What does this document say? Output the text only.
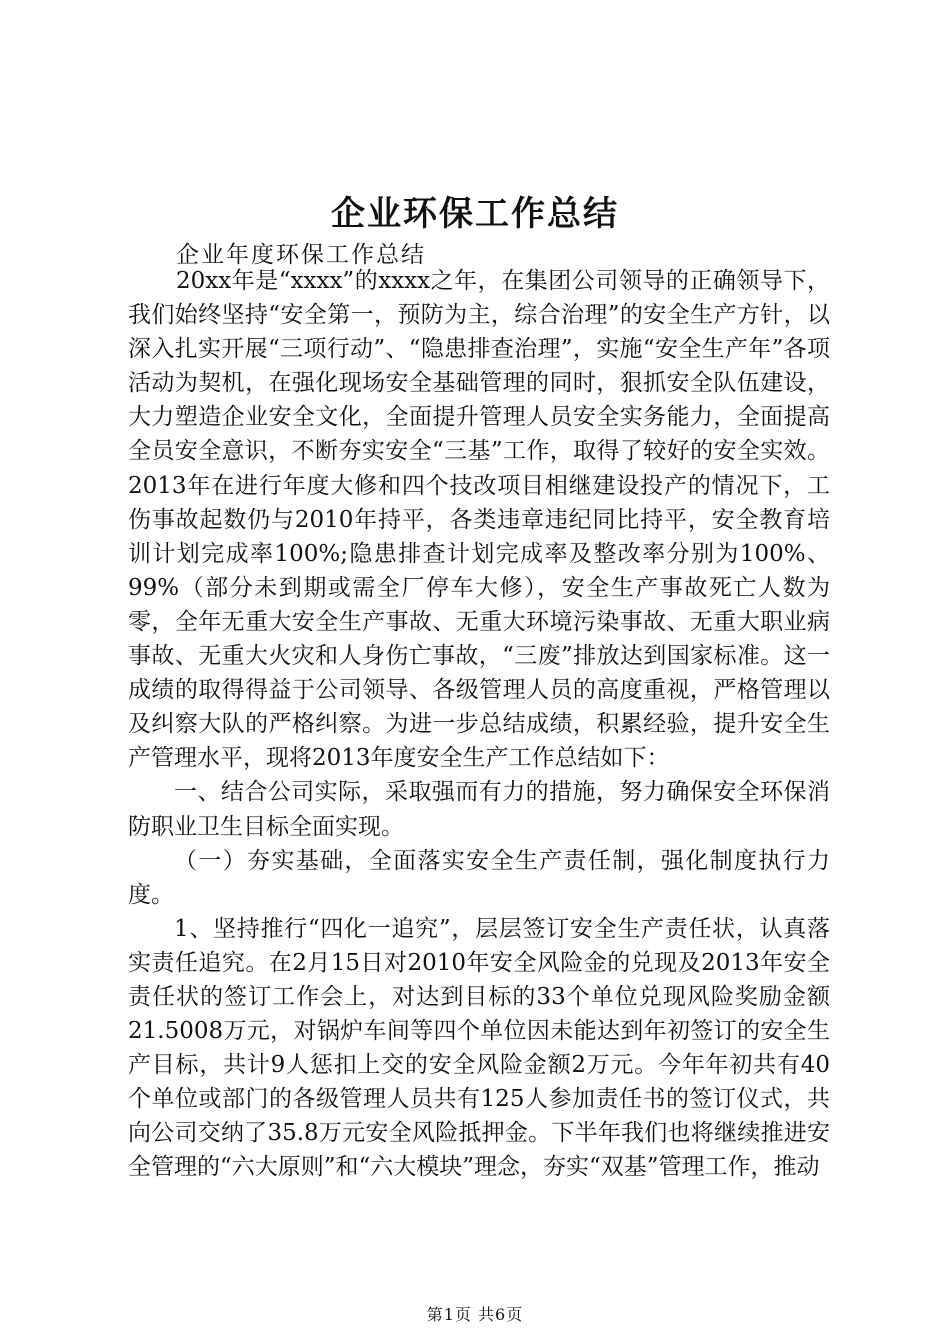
企业环保工作总结
企业年度环保工作总结

20xx年是“xxxx”的xxxx之年，在集团公司领导的正确领导下，我们始终坚持“安全第一，预防为主，综合治理”的安全生产方针，以深入扎实开展“三项行动”、“隐患排查治理”，实施“安全生产年”各项活动为契机，在强化现场安全基础管理的同时，狠抓安全队伍建设，大力塑造企业安全文化，全面提升管理人员安全实务能力，全面提高全员安全意识，不断夯实安全“三基”工作，取得了较好的安全实效。2013年在进行年度大修和四个技改项目相继建设投产的情况下，工伤事故起数仍与2010年持平，各类违章违纪同比持平，安全教育培训计划完成率100%;隐患排查计划完成率及整改率分别为100%、99%（部分未到期或需全厂停车大修），安全生产事故死亡人数为零，全年无重大安全生产事故、无重大环境污染事故、无重大职业病事故、无重大火灾和人身伤亡事故，“三废”排放达到国家标准。这一成绩的取得得益于公司领导、各级管理人员的高度重视，严格管理以及纠察大队的严格纠察。为进一步总结成绩，积累经验，提升安全生产管理水平，现将2013年度安全生产工作总结如下：

一、结合公司实际，采取强而有力的措施，努力确保安全环保消防职业卫生目标全面实现。

（一）夯实基础，全面落实安全生产责任制，强化制度执行力度。

1、坚持推行“四化一追究”，层层签订安全生产责任状，认真落实责任追究。在2月15日对2010年安全风险金的兑现及2013年安全责任状的签订工作会上，对达到目标的33个单位兑现风险奖励金额21.5008万元，对锅炉车间等四个单位因未能达到年初签订的安全生产目标，共计9人惩扣上交的安全风险金额2万元。今年年初共有40个单位或部门的各级管理人员共有125人参加责任书的签订仪式，共向公司交纳了35.8万元安全风险抵押金。下半年我们也将继续推进安全管理的“六大原则”和“六大模块”理念，夯实“双基”管理工作，推动

第1页 共6页
